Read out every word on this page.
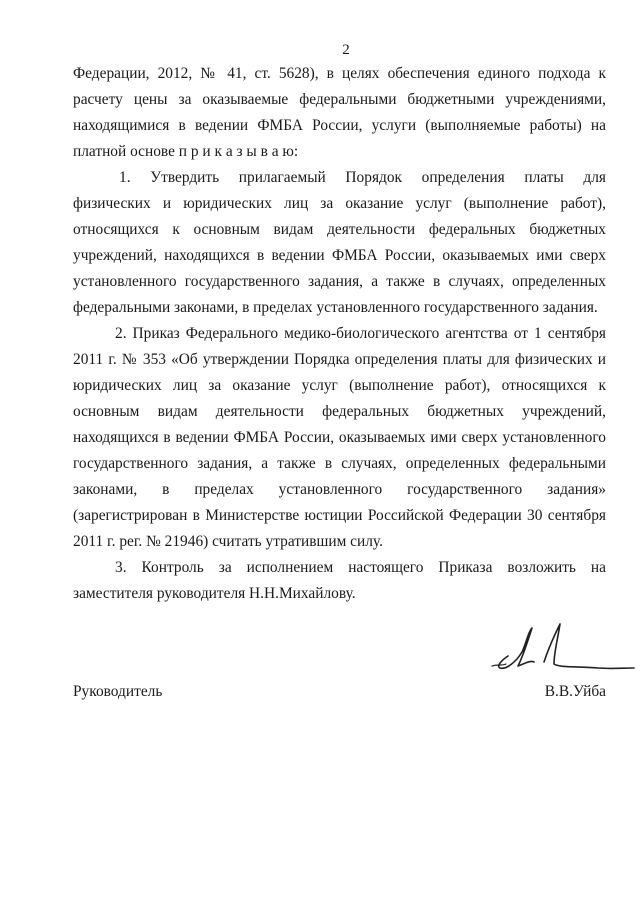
2
Федерации, 2012, № 41, ст. 5628), в целях обеспечения единого подхода к
расчету цены за оказываемые федеральными бюджетными учреждениями,
находящимися в ведении ФМБА России, услуги (выполняемые работы) на
платной основе п р и к а з ы в а ю:
1. Утвердить прилагаемый Порядок определения платы для
физических и юридических лиц за оказание услуг (выполнение работ),
относящихся к основным видам деятельности федеральных бюджетных
учреждений, находящихся в ведении ФМБА России, оказываемых ими сверх
установленного государственного задания, а также в случаях, определенных
федеральными законами, в пределах установленного государственного задания.
2. Приказ Федерального медико-биологического агентства от 1 сентября
2011 г. № 353 «Об утверждении Порядка определения платы для физических и
юридических лиц за оказание услуг (выполнение работ), относящихся к
основным видам деятельности федеральных бюджетных учреждений,
находящихся в ведении ФМБА России, оказываемых ими сверх установленного
государственного задания, а также в случаях, определенных федеральными
законами, в пределах установленного государственного задания»
(зарегистрирован в Министерстве юстиции Российской Федерации 30 сентября
2011 г. рег. № 21946) считать утратившим силу.
3. Контроль за исполнением настоящего Приказа возложить на
заместителя руководителя Н.Н.Михайлову.
Руководитель	В.В.Уйба
